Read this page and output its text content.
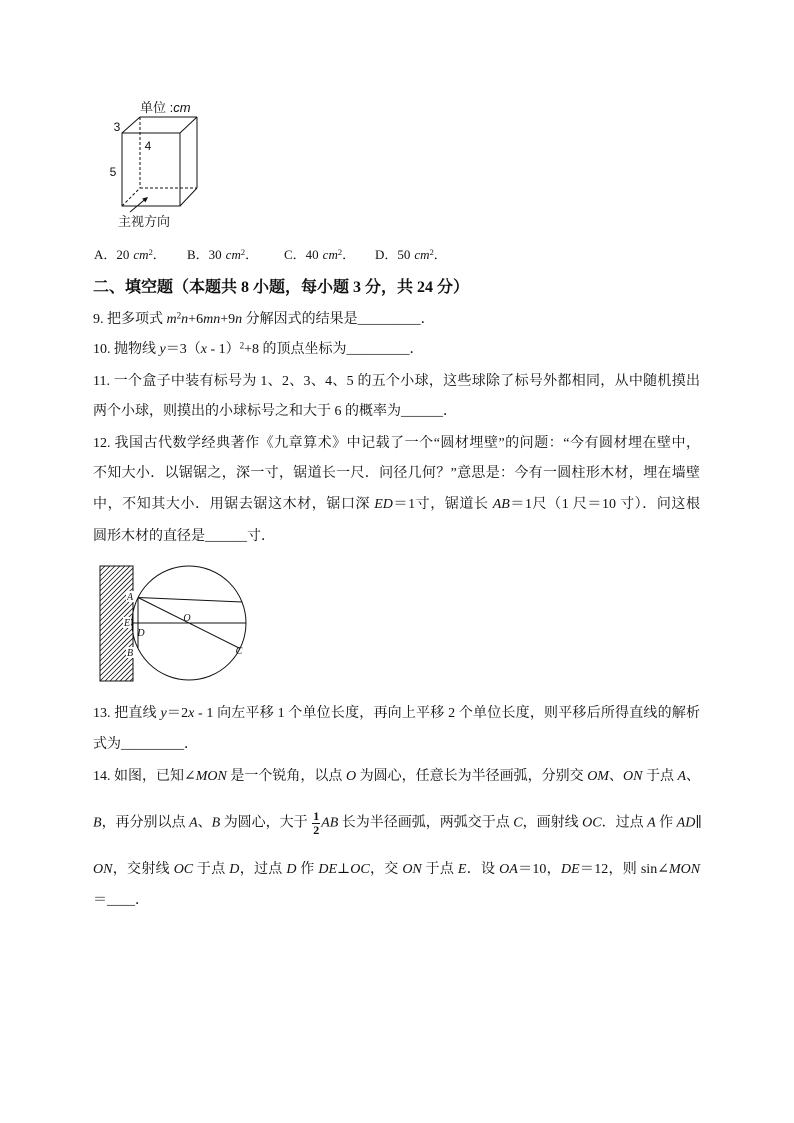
单位 :cm
3
4
5
主视方向
A．20 $cm^2$． B．30 $cm^2$． C．40 $cm^2$． D．50 $cm^2$．
二、填空题（本题共 8 小题，每小题 3 分，共 24 分）
9. 把多项式 $m^2n+6mn+9n$ 分解因式的结果是_________．
10. 抛物线 y＝3（x - 1）$^2$+8 的顶点坐标为_________．
11. 一个盒子中装有标号为 1、2、3、4、5 的五个小球，这些球除了标号外都相同，从中随机摸出
两个小球，则摸出的小球标号之和大于 6 的概率为______．
12. 我国古代数学经典著作《九章算术》中记载了一个“圆材埋壁”的问题：“今有圆材埋在壁中，
不知大小．以锯锯之，深一寸，锯道长一尺．问径几何？”意思是：今有一圆柱形木材，埋在墙壁
中，不知其大小．用锯去锯这木材，锯口深 ED＝1寸，锯道长 AB＝1尺（1 尺＝10 寸）．问这根
圆形木材的直径是______寸．
A
E
D
O
B	C
13. 把直线 y＝2x - 1 向左平移 1 个单位长度，再向上平移 2 个单位长度，则平移后所得直线的解析
式为_________．
14. 如图，已知∠MON 是一个锐角，以点 O 为圆心，任意长为半径画弧，分别交 OM、ON 于点 A、
B，再分别以点 A、B 为圆心，大于 $\frac{1}{2}$ AB 长为半径画弧，两弧交于点 C，画射线 OC．过点 A 作 AD∥
ON，交射线 OC 于点 D，过点 D 作 DE⊥OC，交 ON 于点 E．设 OA＝10，DE＝12，则 sin∠MON
＝____．
